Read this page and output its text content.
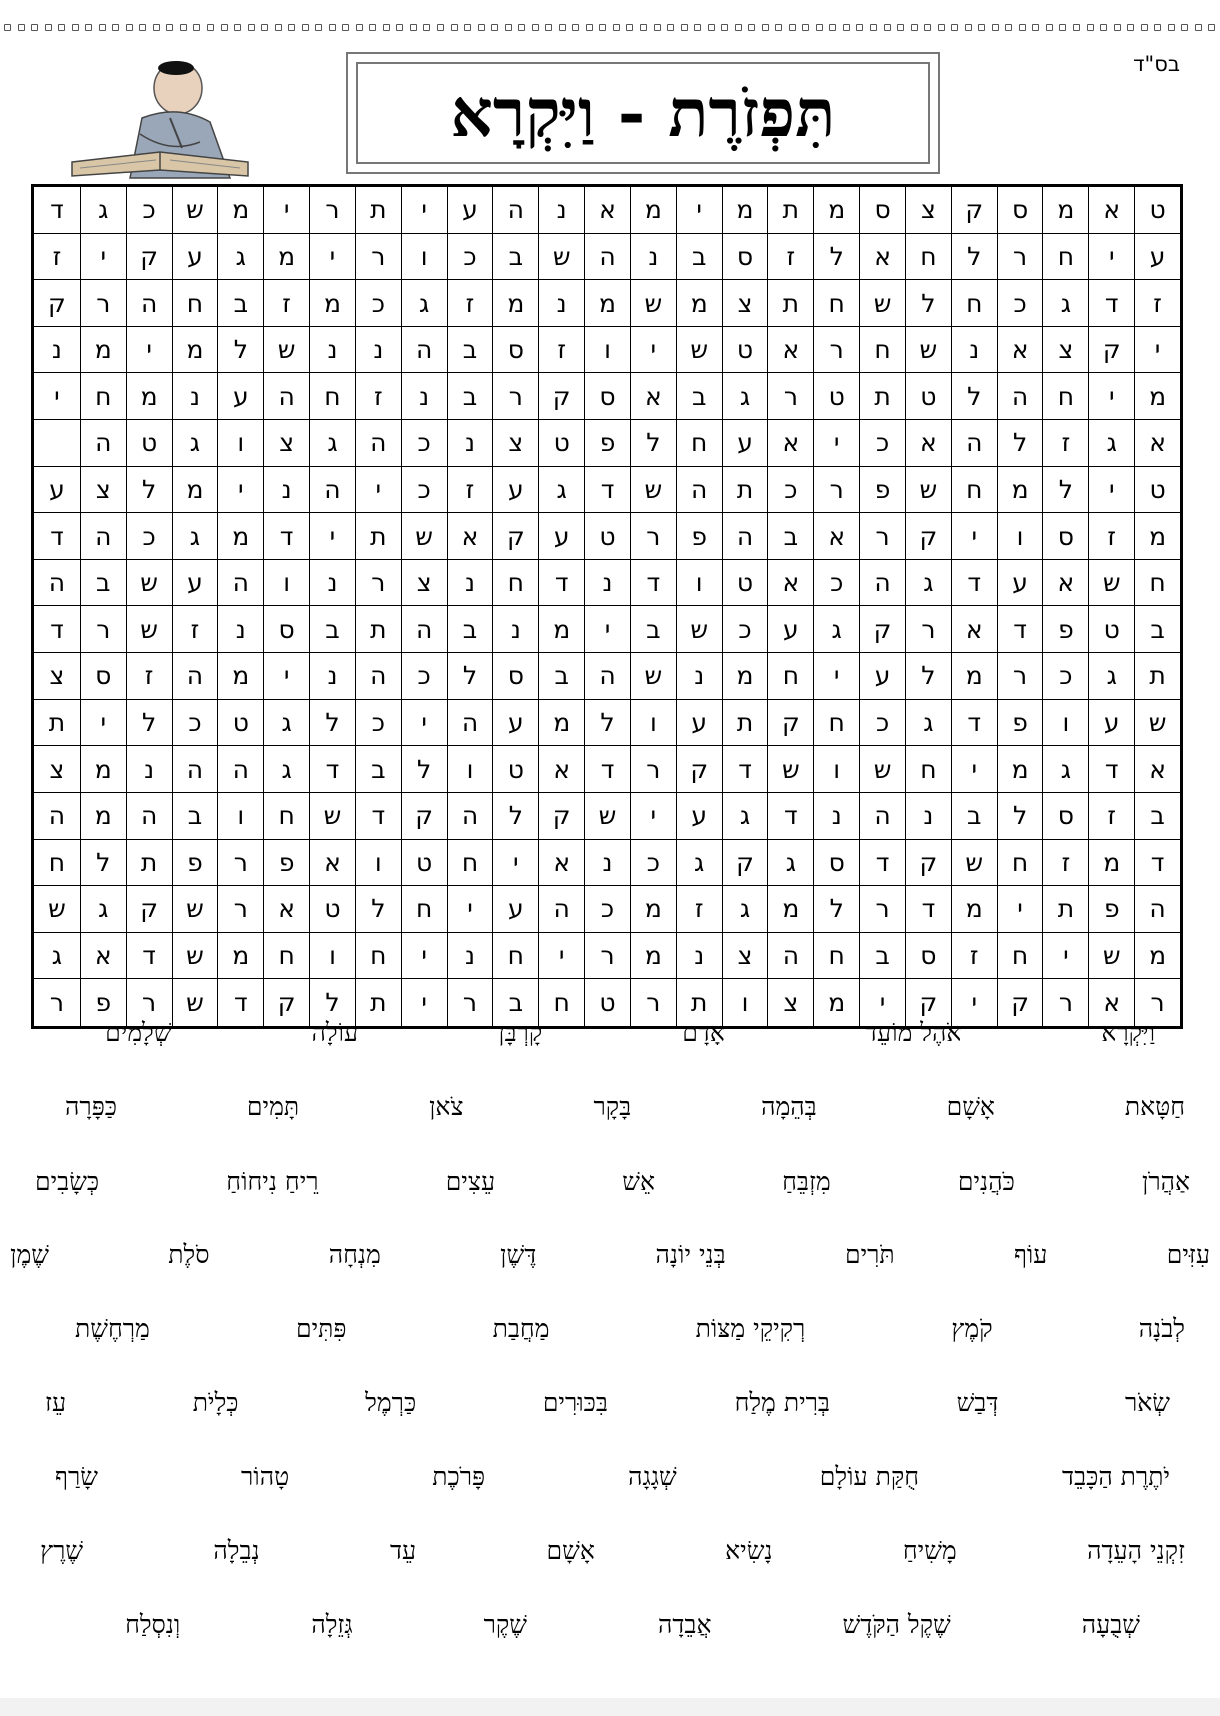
בס"ד
תִּפְזֹרֶת - וַיִּקְרָא
ט
א
מ
ס
ק
צ
ס
מ
ת
מ
י
מ
א
נ
ה
ע
י
ת
ר
י
מ
ש
כ
ג
ד
ע
י
ח
ר
ל
ח
א
ל
ז
ס
ב
נ
ה
ש
ב
כ
ו
ר
י
מ
ג
ע
ק
י
ז
ז
ד
ג
כ
ח
ל
ש
ח
ת
צ
מ
ש
מ
נ
מ
ז
ג
כ
מ
ז
ב
ח
ה
ר
ק
י
ק
צ
א
נ
ש
ח
ר
א
ט
ש
י
ו
ז
ס
ב
ה
נ
נ
ש
ל
מ
י
מ
נ
מ
י
ח
ה
ל
ט
ת
ט
ר
ג
ב
א
ס
ק
ר
ב
נ
ז
ח
ה
ע
נ
מ
ח
י
א
ג
ז
ל
ה
א
כ
י
א
ע
ח
ל
פ
ט
צ
נ
כ
ה
ג
צ
ו
ג
ט
ה
ט
י
ל
מ
ח
ש
פ
ר
כ
ת
ה
ש
ד
ג
ע
ז
כ
י
ה
נ
י
מ
ל
צ
ע
מ
ז
ס
ו
י
ק
ר
א
ב
ה
פ
ר
ט
ע
ק
א
ש
ת
י
ד
מ
ג
כ
ה
ד
ח
ש
א
ע
ד
ג
ה
כ
א
ט
ו
ד
נ
ד
ח
נ
צ
ר
נ
ו
ה
ע
ש
ב
ה
ב
ט
פ
ד
א
ר
ק
ג
ע
כ
ש
ב
י
מ
נ
ב
ה
ת
ב
ס
נ
ז
ש
ר
ד
ת
ג
כ
ר
מ
ל
ע
י
ח
מ
נ
ש
ה
ב
ס
ל
כ
ה
נ
י
מ
ה
ז
ס
צ
ש
ע
ו
פ
ד
ג
כ
ח
ק
ת
ע
ו
ל
מ
ע
ה
י
כ
ל
ג
ט
כ
ל
י
ת
א
ד
ג
מ
י
ח
ש
ו
ש
ד
ק
ר
ד
א
ט
ו
ל
ב
ד
ג
ה
ה
נ
מ
צ
ב
ז
ס
ל
ב
נ
ה
נ
ד
ג
ע
י
ש
ק
ל
ה
ק
ד
ש
ח
ו
ב
ה
מ
ה
ד
מ
ז
ח
ש
ק
ד
ס
ג
ק
ג
כ
נ
א
י
ח
ט
ו
א
פ
ר
פ
ת
ל
ח
ה
פ
ת
י
מ
ד
ר
ל
מ
ג
ז
מ
כ
ה
ע
י
ח
ל
ט
א
ר
ש
ק
ג
ש
מ
ש
י
ח
ז
ס
ב
ח
ה
צ
נ
מ
ר
י
ח
נ
י
ח
ו
ח
מ
ש
ד
א
ג
ר
א
ר
ק
י
ק
י
מ
צ
ו
ת
ר
ט
ח
ב
ר
י
ת
ל
ק
ד
ש
ר
פ
ר
וַיִּקְרָא
אֹהֶל מוֹעֵד
אָדָם
קָרְבָּן
עוֹלָה
שְׁלָמִים
חַטָּאת
אָשָׁם
בְּהֵמָה
בָּקָר
צֹאן
תָּמִים
כַּפָּרָה
אַהֲרֹן
כֹּהֲנִים
מִזְבֵּחַ
אֵשׁ
עֵצִים
רֵיחַ נִיחוֹחַ
כְּשָׂבִים
עִזִּים
עוֹף
תֹּרִים
בְּנֵי יוֹנָה
דֶּשֶׁן
מִנְחָה
סֹלֶת
שֶׁמֶן
לְבֹנָה
קֹמֶץ
רְקִיקֵי מַצּוֹת
מַחֲבַת
פִּתִּים
מַרְחֶשֶׁת
שְׂאֹר
דְּבַשׁ
בְּרִית מֶלַח
בִּכּוּרִים
כַּרְמֶל
כְּלָיֹת
עֵז
יֹתֶרֶת הַכָּבֵד
חֻקַּת עוֹלָם
שְׁגָגָה
פָּרֹכֶת
טָהוֹר
שָׂרַף
זִקְנֵי הָעֵדָה
מָשִׁיחַ
נָשִׂיא
אָשָׁם
עֵד
נְבֵלָה
שֶׁרֶץ
שְׁבֻעָה
שֶׁקֶל הַקֹּדֶשׁ
אֲבֵדָה
שֶׁקֶר
גְּזֵלָה
וְנִסְלַח
